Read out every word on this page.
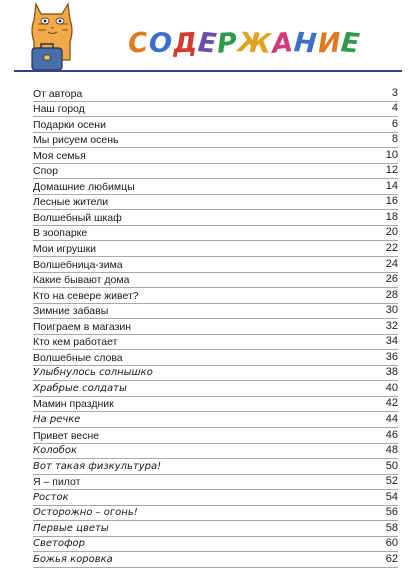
СОДЕРЖАНИЕ
От автора	3
Наш город	4
Подарки осени	6
Мы рисуем осень	8
Моя семья	10
Спор	12
Домашние любимцы	14
Лесные жители	16
Волшебный шкаф	18
В зоопарке	20
Мои игрушки	22
Волшебница-зима	24
Какие бывают дома	26
Кто на севере живет?	28
Зимние забавы	30
Поиграем в магазин	32
Кто кем работает	34
Волшебные слова	36
Улыбнулось солнышко	38
Храбрые солдаты	40
Мамин праздник	42
На речке	44
Привет весне	46
Колобок	48
Вот такая физкультура!	50
Я – пилот	52
Росток	54
Осторожно – огонь!	56
Первые цветы	58
Светофор	60
Божья коровка	62
